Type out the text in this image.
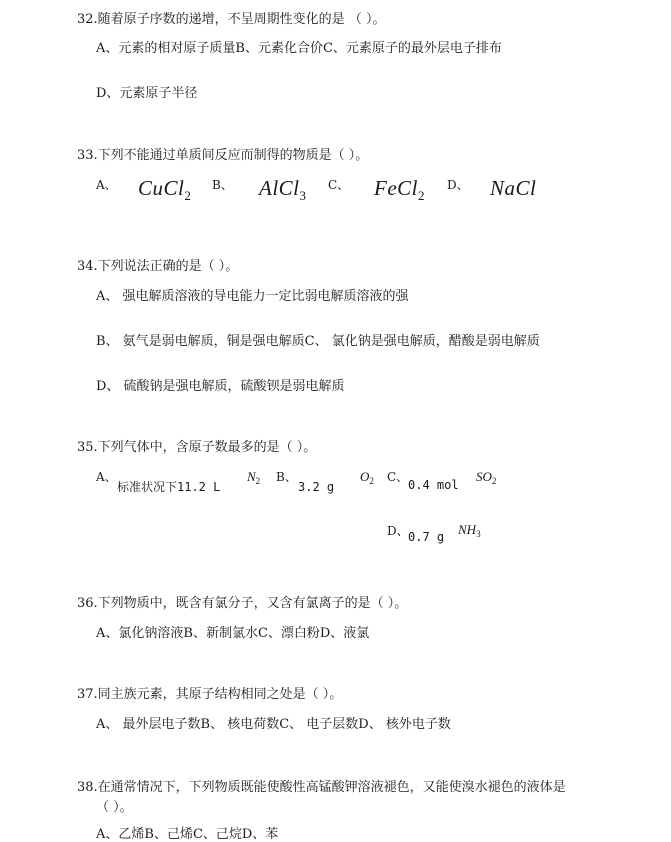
32.随着原子序数的递增，不呈周期性变化的是 （ ）。
A、元素的相对原子质量B、元素化合价C、元素原子的最外层电子排布
D、元素原子半径
33.下列不能通过单质间反应而制得的物质是（ ）。
A、 CuCl$_2$
B、 AlCl$_3$
C、 FeCl$_2$
D、 NaCl
34.下列说法正确的是（ ）。
A、 强电解质溶液的导电能力一定比弱电解质溶液的强
B、 氨气是弱电解质，铜是强电解质C、 氯化钠是强电解质，醋酸是弱电解质
D、 硫酸钠是强电解质，硫酸钡是弱电解质
35.下列气体中，含原子数最多的是（ ）。
A、
标准状况下11.2 L
$N_2$ B、
3.2 g
$O_2$ C、
0.4 mol
$SO_2$
D、 0.7 g $NH_3$
36.下列物质中，既含有氯分子，又含有氯离子的是（ ）。
A、氯化钠溶液B、新制氯水C、漂白粉D、液氯
37.同主族元素，其原子结构相同之处是（ ）。
A、 最外层电子数B、 核电荷数C、 电子层数D、 核外电子数
38.在通常情况下，下列物质既能使酸性高锰酸钾溶液褪色，又能使溴水褪色的液体是
（ ）。
A、乙烯B、己烯C、己烷D、苯
